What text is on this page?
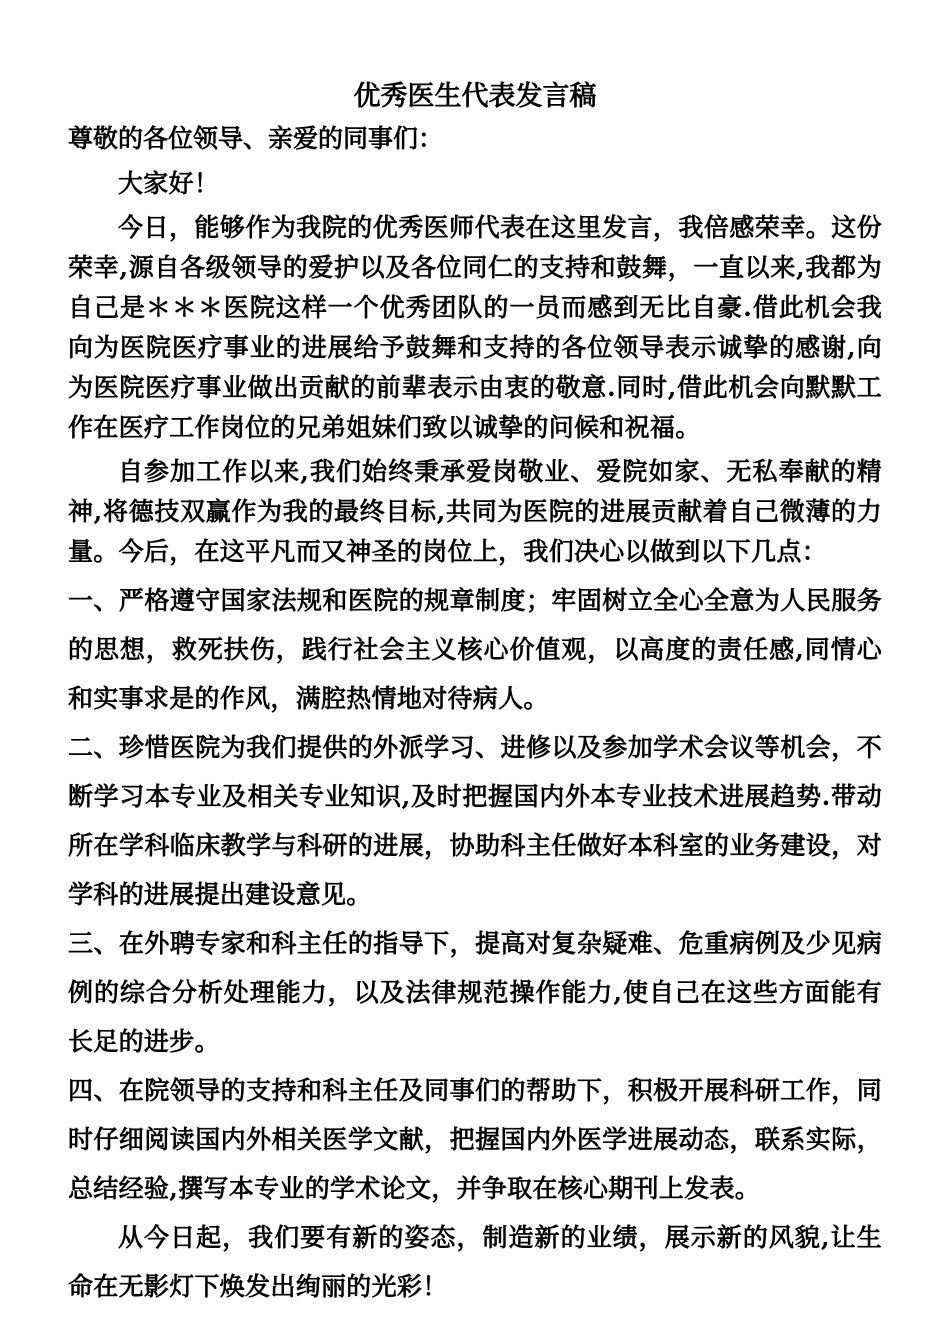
优秀医生代表发言稿

尊敬的各位领导、亲爱的同事们：

大家好！

今日，能够作为我院的优秀医师代表在这里发言，我倍感荣幸。这份荣幸,源自各级领导的爱护以及各位同仁的支持和鼓舞，一直以来,我都为自己是＊＊＊医院这样一个优秀团队的一员而感到无比自豪.借此机会我向为医院医疗事业的进展给予鼓舞和支持的各位领导表示诚挚的感谢,向为医院医疗事业做出贡献的前辈表示由衷的敬意.同时,借此机会向默默工作在医疗工作岗位的兄弟姐妹们致以诚挚的问候和祝福。

自参加工作以来,我们始终秉承爱岗敬业、爱院如家、无私奉献的精神,将德技双赢作为我的最终目标,共同为医院的进展贡献着自己微薄的力量。今后，在这平凡而又神圣的岗位上，我们决心以做到以下几点：

一、严格遵守国家法规和医院的规章制度；牢固树立全心全意为人民服务的思想，救死扶伤，践行社会主义核心价值观，以高度的责任感,同情心和实事求是的作风，满腔热情地对待病人。

二、珍惜医院为我们提供的外派学习、进修以及参加学术会议等机会，不断学习本专业及相关专业知识,及时把握国内外本专业技术进展趋势.带动所在学科临床教学与科研的进展，协助科主任做好本科室的业务建设，对学科的进展提出建设意见。

三、在外聘专家和科主任的指导下，提高对复杂疑难、危重病例及少见病例的综合分析处理能力，以及法律规范操作能力,使自己在这些方面能有长足的进步。

四、在院领导的支持和科主任及同事们的帮助下，积极开展科研工作，同时仔细阅读国内外相关医学文献，把握国内外医学进展动态，联系实际，总结经验,撰写本专业的学术论文，并争取在核心期刊上发表。

从今日起，我们要有新的姿态，制造新的业绩，展示新的风貌,让生命在无影灯下焕发出绚丽的光彩！
